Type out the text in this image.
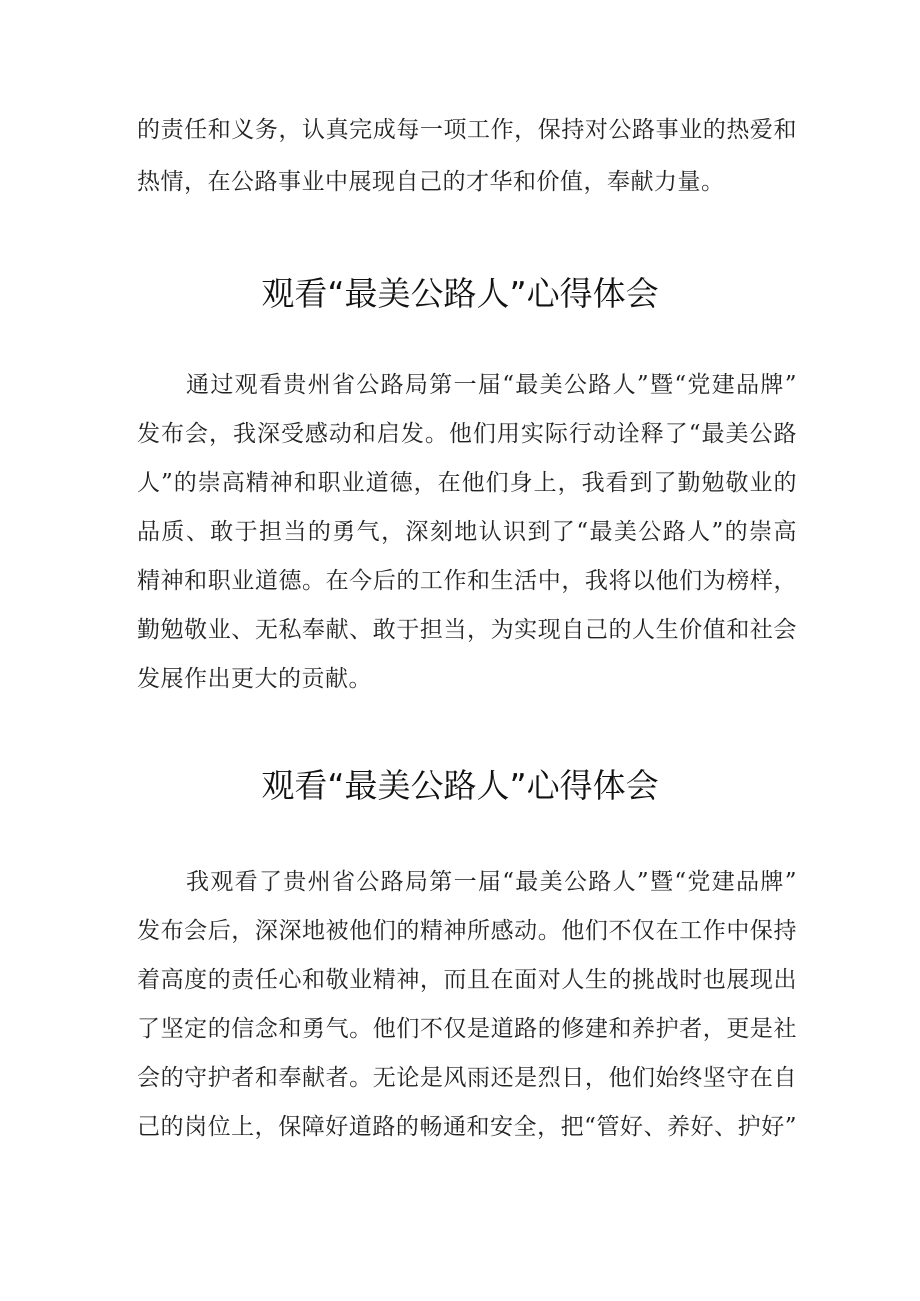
的责任和义务，认真完成每一项工作，保持对公路事业的热爱和
热情，在公路事业中展现自己的才华和价值，奉献力量。
观看“最美公路人”心得体会
通过观看贵州省公路局第一届“最美公路人”暨“党建品牌”
发布会，我深受感动和启发。他们用实际行动诠释了“最美公路
人”的崇高精神和职业道德，在他们身上，我看到了勤勉敬业的
品质、敢于担当的勇气，深刻地认识到了“最美公路人”的崇高
精神和职业道德。在今后的工作和生活中，我将以他们为榜样，
勤勉敬业、无私奉献、敢于担当，为实现自己的人生价值和社会
发展作出更大的贡献。
观看“最美公路人”心得体会
我观看了贵州省公路局第一届“最美公路人”暨“党建品牌”
发布会后，深深地被他们的精神所感动。他们不仅在工作中保持
着高度的责任心和敬业精神，而且在面对人生的挑战时也展现出
了坚定的信念和勇气。他们不仅是道路的修建和养护者，更是社
会的守护者和奉献者。无论是风雨还是烈日，他们始终坚守在自
己的岗位上，保障好道路的畅通和安全，把“管好、养好、护好”
